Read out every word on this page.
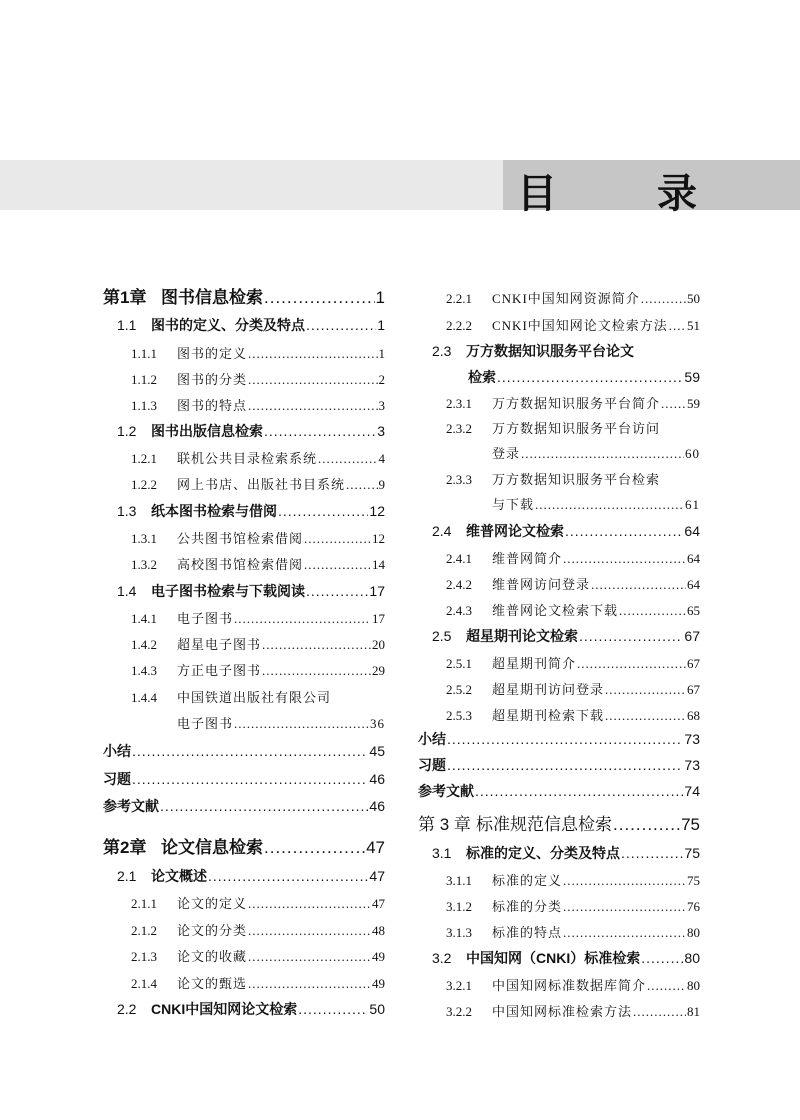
目	录
第1章 图书信息检索 .....	1
1.1	图书的定义、分类及特点 .....	1
1.1.1	图书的定义 .....	1
1.1.2	图书的分类 .....	2
1.1.3	图书的特点 .....	3
1.2	图书出版信息检索 .....	3
1.2.1	联机公共目录检索系统 .....	4
1.2.2	网上书店、出版社书目系统 .....	9
1.3	纸本图书检索与借阅 .....	12
1.3.1	公共图书馆检索借阅 .....	12
1.3.2	高校图书馆检索借阅 .....	14
1.4	电子图书检索与下载阅读 .....	17
1.4.1	电子图书 .....	17
1.4.2	超星电子图书 .....	20
1.4.3	方正电子图书 .....	29
1.4.4	中国铁道出版社有限公司
电子图书 .....	36
小结 .....	45
习题 .....	46
参考文献 .....	46
第2章 论文信息检索 .....	47
2.1	论文概述 .....	47
2.1.1	论文的定义 .....	47
2.1.2	论文的分类 .....	48
2.1.3	论文的收藏 .....	49
2.1.4	论文的甄选 .....	49
2.2	CNKI中国知网论文检索 .....	50
2.2.1	CNKI中国知网资源简介 .....	50
2.2.2	CNKI中国知网论文检索方法 ..... 51
2.3	万方数据知识服务平台论文
检索 .....	59
2.3.1	万方数据知识服务平台简介 ..... 59
2.3.2	万方数据知识服务平台访问
登录 .....	60
2.3.3	万方数据知识服务平台检索
与下载 .....	61
2.4	维普网论文检索 .....	64
2.4.1	维普网简介 .....	64
2.4.2	维普网访问登录 .....	64
2.4.3	维普网论文检索下载 .....	65
2.5	超星期刊论文检索 .....	67
2.5.1	超星期刊简介 .....	67
2.5.2	超星期刊访问登录 .....	67
2.5.3	超星期刊检索下载 .....	68
小结 .....	73
习题 .....	73
参考文献 .....	74
第 3 章 标准规范信息检索 .....	75
3.1	标准的定义、分类及特点 .....	75
3.1.1	标准的定义 .....	75
3.1.2	标准的分类 .....	76
3.1.3	标准的特点 .....	80
3.2	中国知网（CNKI）标准检索 .....	80
3.2.1	中国知网标准数据库简介 .....	80
3.2.2	中国知网标准检索方法 .....	81
